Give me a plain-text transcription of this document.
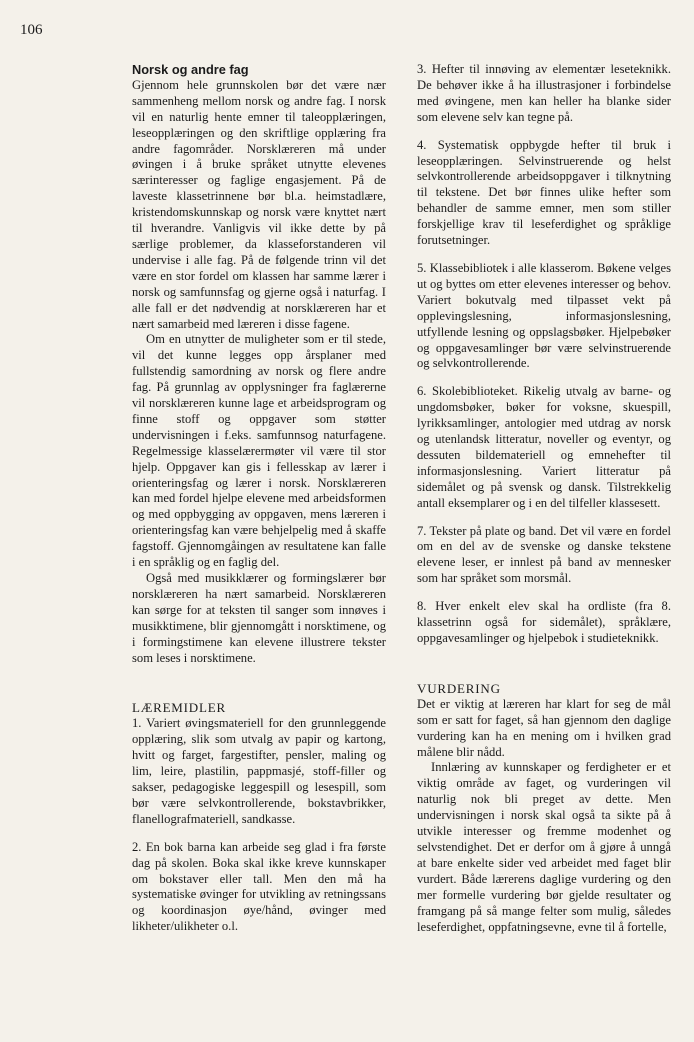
106

Norsk og andre fag

Gjennom hele grunnskolen bør det være nær sammenheng mellom norsk og andre fag. I norsk vil en naturlig hente emner til taleopplæringen, leseopplæringen og den skriftlige opplæring fra andre fagområder. Norsklæreren må under øvingen i å bruke språket utnytte elevenes særinteresser og faglige engasjement. På de laveste klassetrinnene bør bl.a. heimstadlære, kristendomskunnskap og norsk være knyttet nært til hverandre. Vanligvis vil ikke dette by på særlige problemer, da klasseforstanderen vil undervise i alle fag. På de følgende trinn vil det være en stor fordel om klassen har samme lærer i norsk og samfunnsfag og gjerne også i naturfag. I alle fall er det nødvendig at norsklæreren har et nært samarbeid med læreren i disse fagene.

Om en utnytter de muligheter som er til stede, vil det kunne legges opp årsplaner med fullstendig samordning av norsk og flere andre fag. På grunnlag av opplysninger fra faglærerne vil norsklæreren kunne lage et arbeidsprogram og finne stoff og oppgaver som støtter undervisningen i f.eks. samfunnsog naturfagene. Regelmessige klasselærermøter vil være til stor hjelp. Oppgaver kan gis i fellesskap av lærer i orienteringsfag og lærer i norsk. Norsklæreren kan med fordel hjelpe elevene med arbeidsformen og med oppbygging av oppgaven, mens læreren i orienteringsfag kan være behjelpelig med å skaffe fagstoff. Gjennomgåingen av resultatene kan falle i en språklig og en faglig del.

Også med musikklærer og formingslærer bør norsklæreren ha nært samarbeid. Norsklæreren kan sørge for at teksten til sanger som innøves i musikktimene, blir gjennomgått i norsktimene, og i formingstimene kan elevene illustrere tekster som leses i norsktimene.

LÆREMIDLER

1. Variert øvingsmateriell for den grunnleggende opplæring, slik som utvalg av papir og kartong, hvitt og farget, fargestifter, pensler, maling og lim, leire, plastilin, pappmasjé, stoff-filler og sakser, pedagogiske leggespill og lesespill, som bør være selvkontrollerende, bokstavbrikker, flanellografmateriell, sandkasse.

2. En bok barna kan arbeide seg glad i fra første dag på skolen. Boka skal ikke kreve kunnskaper om bokstaver eller tall. Men den må ha systematiske øvinger for utvikling av retningssans og koordinasjon øye/hånd, øvinger med likheter/ulikheter o.l.

3. Hefter til innøving av elementær leseteknikk. De behøver ikke å ha illustrasjoner i forbindelse med øvingene, men kan heller ha blanke sider som elevene selv kan tegne på.

4. Systematisk oppbygde hefter til bruk i leseopplæringen. Selvinstruerende og helst selvkontrollerende arbeidsoppgaver i tilknytning til tekstene. Det bør finnes ulike hefter som behandler de samme emner, men som stiller forskjellige krav til leseferdighet og språklige forutsetninger.

5. Klassebibliotek i alle klasserom. Bøkene velges ut og byttes om etter elevenes interesser og behov. Variert bokutvalg med tilpasset vekt på opplevingslesning, informasjonslesning, utfyllende lesning og oppslagsbøker. Hjelpebøker og oppgavesamlinger bør være selvinstruerende og selvkontrollerende.

6. Skolebiblioteket. Rikelig utvalg av barne- og ungdomsbøker, bøker for voksne, skuespill, lyrikksamlinger, antologier med utdrag av norsk og utenlandsk litteratur, noveller og eventyr, og dessuten bildemateriell og emnehefter til informasjonslesning. Variert litteratur på sidemålet og på svensk og dansk. Tilstrekkelig antall eksemplarer og i en del tilfeller klassesett.

7. Tekster på plate og band. Det vil være en fordel om en del av de svenske og danske tekstene elevene leser, er innlest på band av mennesker som har språket som morsmål.

8. Hver enkelt elev skal ha ordliste (fra 8. klassetrinn også for sidemålet), språklære, oppgavesamlinger og hjelpebok i studieteknikk.

VURDERING

Det er viktig at læreren har klart for seg de mål som er satt for faget, så han gjennom den daglige vurdering kan ha en mening om i hvilken grad målene blir nådd.

Innlæring av kunnskaper og ferdigheter er et viktig område av faget, og vurderingen vil naturlig nok bli preget av dette. Men undervisningen i norsk skal også ta sikte på å utvikle interesser og fremme modenhet og selvstendighet. Det er derfor om å gjøre å unngå at bare enkelte sider ved arbeidet med faget blir vurdert. Både lærerens daglige vurdering og den mer formelle vurdering bør gjelde resultater og framgang på så mange felter som mulig, således leseferdighet, oppfatningsevne, evne til å fortelle,
